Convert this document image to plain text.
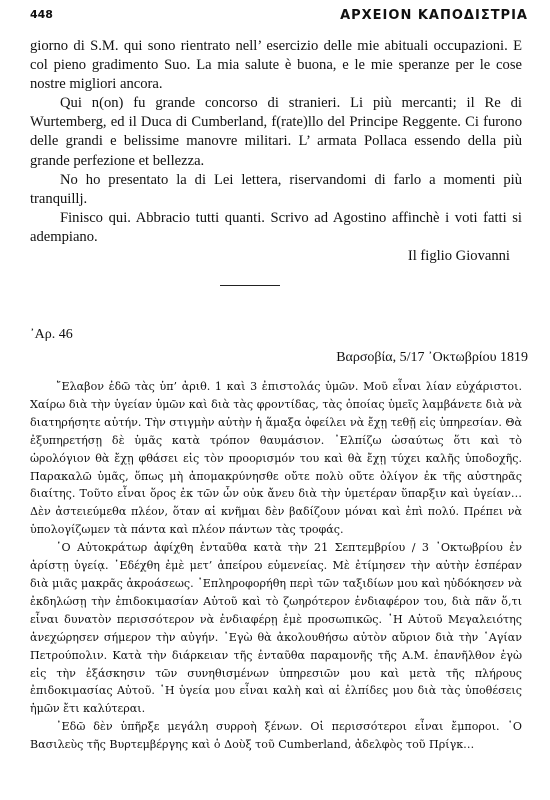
448	ΑΡΧΕΙΟΝ ΚΑΠΟΔΙΣΤΡΙΑ

giorno di S.M. qui sono rientrato nell’ esercizio delle mie abituali occupazioni. E col pieno gradimento Suo. La mia salute è buona, e le mie speranze per le cose nostre migliori ancora.

Qui n(on) fu grande concorso di stranieri. Li più mercanti; il Re di Wurtemberg, ed il Duca di Cumberland, f(rate)llo del Principe Reggente. Ci furono delle grandi e belissime manovre militari. L’ armata Pollaca essendo della più grande perfezione et bellezza.

No ho presentato la di Lei lettera, riservandomi di farlo a momenti più tranquillj.

Finisco qui. Abbracio tutti quanti. Scrivo ad Agostino affinchè i voti fatti si adempiano.

Il figlio Giovanni

᾿Αρ. 46
Βαρσοβία, 5/17 ᾿Οκτωβρίου 1819

῎Ελαβον ἐδῶ τὰς ὑπ’ ἀριθ. 1 καὶ 3 ἐπιστολάς ὑμῶν. Μοῦ εἶναι λίαν εὐχάριστοι. Χαίρω διὰ τὴν ὑγείαν ὑμῶν καὶ διὰ τὰς φροντίδας, τὰς ὁποίας ὑμεῖς λαμβάνετε διὰ νὰ διατηρήσητε αὐτήν. Τὴν στιγμὴν αὐτὴν ἡ ἅμαξα ὀφείλει νὰ ἔχῃ τεθῇ εἰς ὑπηρεσίαν. Θὰ ἐξυπηρετήσῃ δὲ ὑμᾶς κατὰ τρόπον θαυμάσιον. ᾿Ελπίζω ὡσαύτως ὅτι καὶ τὸ ὡρολόγιον θὰ ἔχῃ φθάσει εἰς τὸν προορισμόν του καὶ θὰ ἔχῃ τύχει καλῆς ὑποδοχῆς. Παρακαλῶ ὑμᾶς, ὅπως μὴ ἀπομακρύνησθε οὔτε πολὺ οὔτε ὀλίγον ἐκ τῆς αὐστηρᾶς διαίτης. Τοῦτο εἶναι ὅρος ἐκ τῶν ὧν οὐκ ἄνευ διὰ τὴν ὑμετέραν ὕπαρξιν καὶ ὑγείαν… Δὲν ἀστειεύμεθα πλέον, ὅταν αἱ κνῆμαι δὲν βαδίζουν μόναι καὶ ἐπὶ πολύ. Πρέπει νὰ ὑπολογίζωμεν τὰ πάντα καὶ πλέον πάντων τὰς τροφάς.

῾Ο Αὐτοκράτωρ ἀφίχθη ἐνταῦθα κατὰ τὴν 21 Σεπτεμβρίου / 3 ᾿Οκτωβρίου ἐν ἀρίστῃ ὑγείᾳ. ᾿Εδέχθη ἐμὲ μετ’ ἀπείρου εὐμενείας. Μὲ ἐτίμησεν τὴν αὐτὴν ἑσπέραν διὰ μιᾶς μακρᾶς ἀκροάσεως. ᾿Επληροφορήθη περὶ τῶν ταξιδίων μου καὶ ηὐδόκησεν νὰ ἐκδηλώσῃ τὴν ἐπιδοκιμασίαν Αὐτοῦ καὶ τὸ ζωηρότερον ἐνδιαφέρον του, διὰ πᾶν ὅ,τι εἶναι δυνατὸν περισσότερον νὰ ἐνδιαφέρῃ ἐμὲ προσωπικῶς. ῾Η Αὐτοῦ Μεγαλειότης ἀνεχώρησεν σήμερον τὴν αὐγήν. ᾿Εγὼ θὰ ἀκολουθήσω αὐτὸν αὔριον διὰ τὴν ῾Αγίαν Πετρούπολιν. Κατὰ τὴν διάρκειαν τῆς ἐνταῦθα παραμονῆς τῆς Α.Μ. ἐπανῆλθον ἐγὼ εἰς τὴν ἐξάσκησιν τῶν συνηθισμένων ὑπηρεσιῶν μου καὶ μετὰ τῆς πλήρους ἐπιδοκιμασίας Αὐτοῦ. ῾Η ὑγεία μου εἶναι καλὴ καὶ αἱ ἐλπίδες μου διὰ τὰς ὑποθέσεις ἡμῶν ἔτι καλύτεραι.

᾿Εδῶ δὲν ὑπῆρξε μεγάλη συρροὴ ξένων. Οἱ περισσότεροι εἶναι ἔμποροι. ῾Ο Βασιλεὺς τῆς Βυρτεμβέργης καὶ ὁ Δοὺξ τοῦ Cumberland, ἀδελφὸς τοῦ Πρίγκ…
